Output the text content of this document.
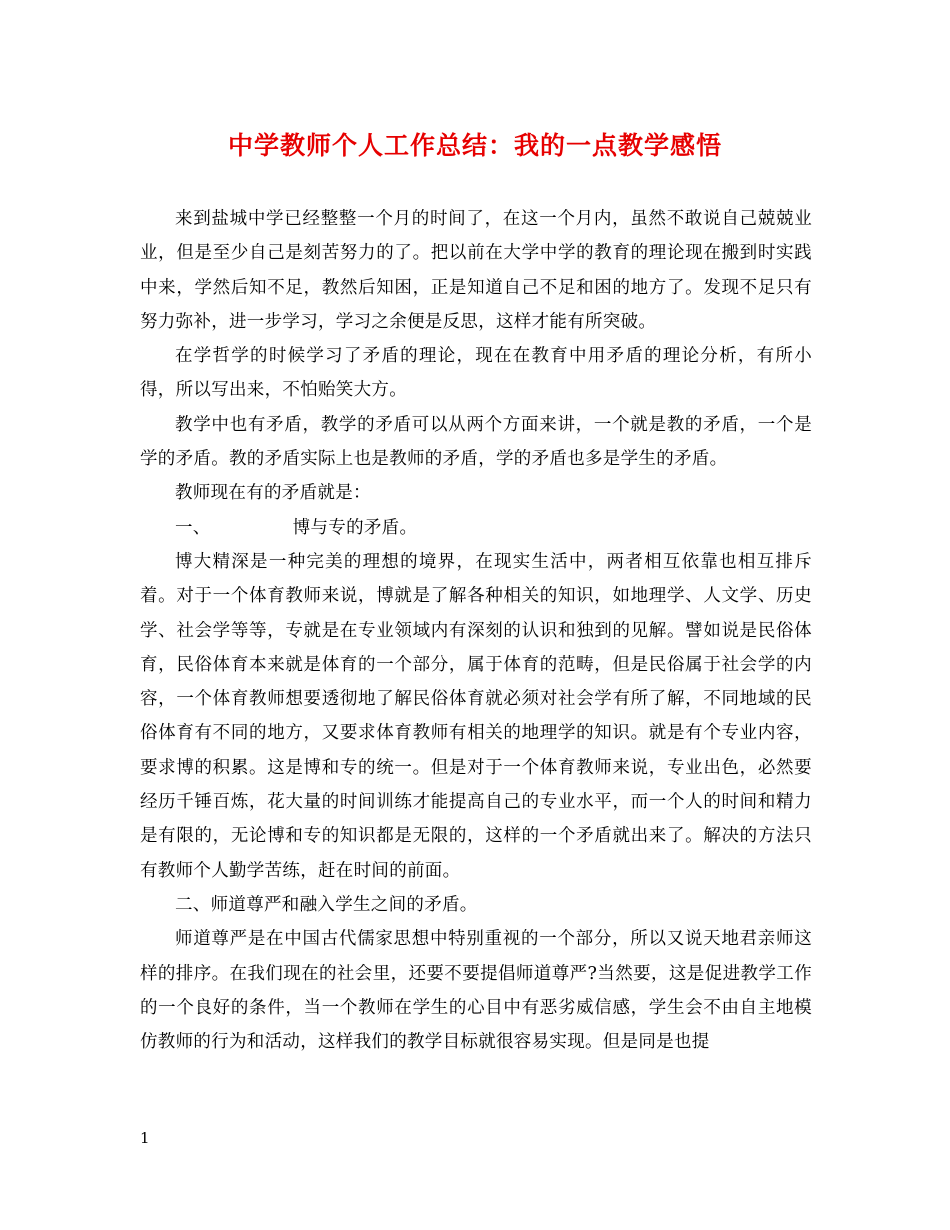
中学教师个人工作总结：我的一点教学感悟

来到盐城中学已经整整一个月的时间了，在这一个月内，虽然不敢说自己兢兢业业，但是至少自己是刻苦努力的了。把以前在大学中学的教育的理论现在搬到时实践中来，学然后知不足，教然后知困，正是知道自己不足和困的地方了。发现不足只有努力弥补，进一步学习，学习之余便是反思，这样才能有所突破。

在学哲学的时候学习了矛盾的理论，现在在教育中用矛盾的理论分析，有所小得，所以写出来，不怕贻笑大方。

教学中也有矛盾，教学的矛盾可以从两个方面来讲，一个就是教的矛盾，一个是学的矛盾。教的矛盾实际上也是教师的矛盾，学的矛盾也多是学生的矛盾。

教师现在有的矛盾就是：

一、              博与专的矛盾。

博大精深是一种完美的理想的境界，在现实生活中，两者相互依靠也相互排斥着。对于一个体育教师来说，博就是了解各种相关的知识，如地理学、人文学、历史学、社会学等等，专就是在专业领域内有深刻的认识和独到的见解。譬如说是民俗体育，民俗体育本来就是体育的一个部分，属于体育的范畴，但是民俗属于社会学的内容，一个体育教师想要透彻地了解民俗体育就必须对社会学有所了解，不同地域的民俗体育有不同的地方，又要求体育教师有相关的地理学的知识。就是有个专业内容，要求博的积累。这是博和专的统一。但是对于一个体育教师来说，专业出色，必然要经历千锤百炼，花大量的时间训练才能提高自己的专业水平，而一个人的时间和精力是有限的，无论博和专的知识都是无限的，这样的一个矛盾就出来了。解决的方法只有教师个人勤学苦练，赶在时间的前面。

二、师道尊严和融入学生之间的矛盾。

师道尊严是在中国古代儒家思想中特别重视的一个部分，所以又说天地君亲师这样的排序。在我们现在的社会里，还要不要提倡师道尊严?当然要，这是促进教学工作的一个良好的条件，当一个教师在学生的心目中有恶劣威信感，学生会不由自主地模仿教师的行为和活动，这样我们的教学目标就很容易实现。但是同是也提

1
